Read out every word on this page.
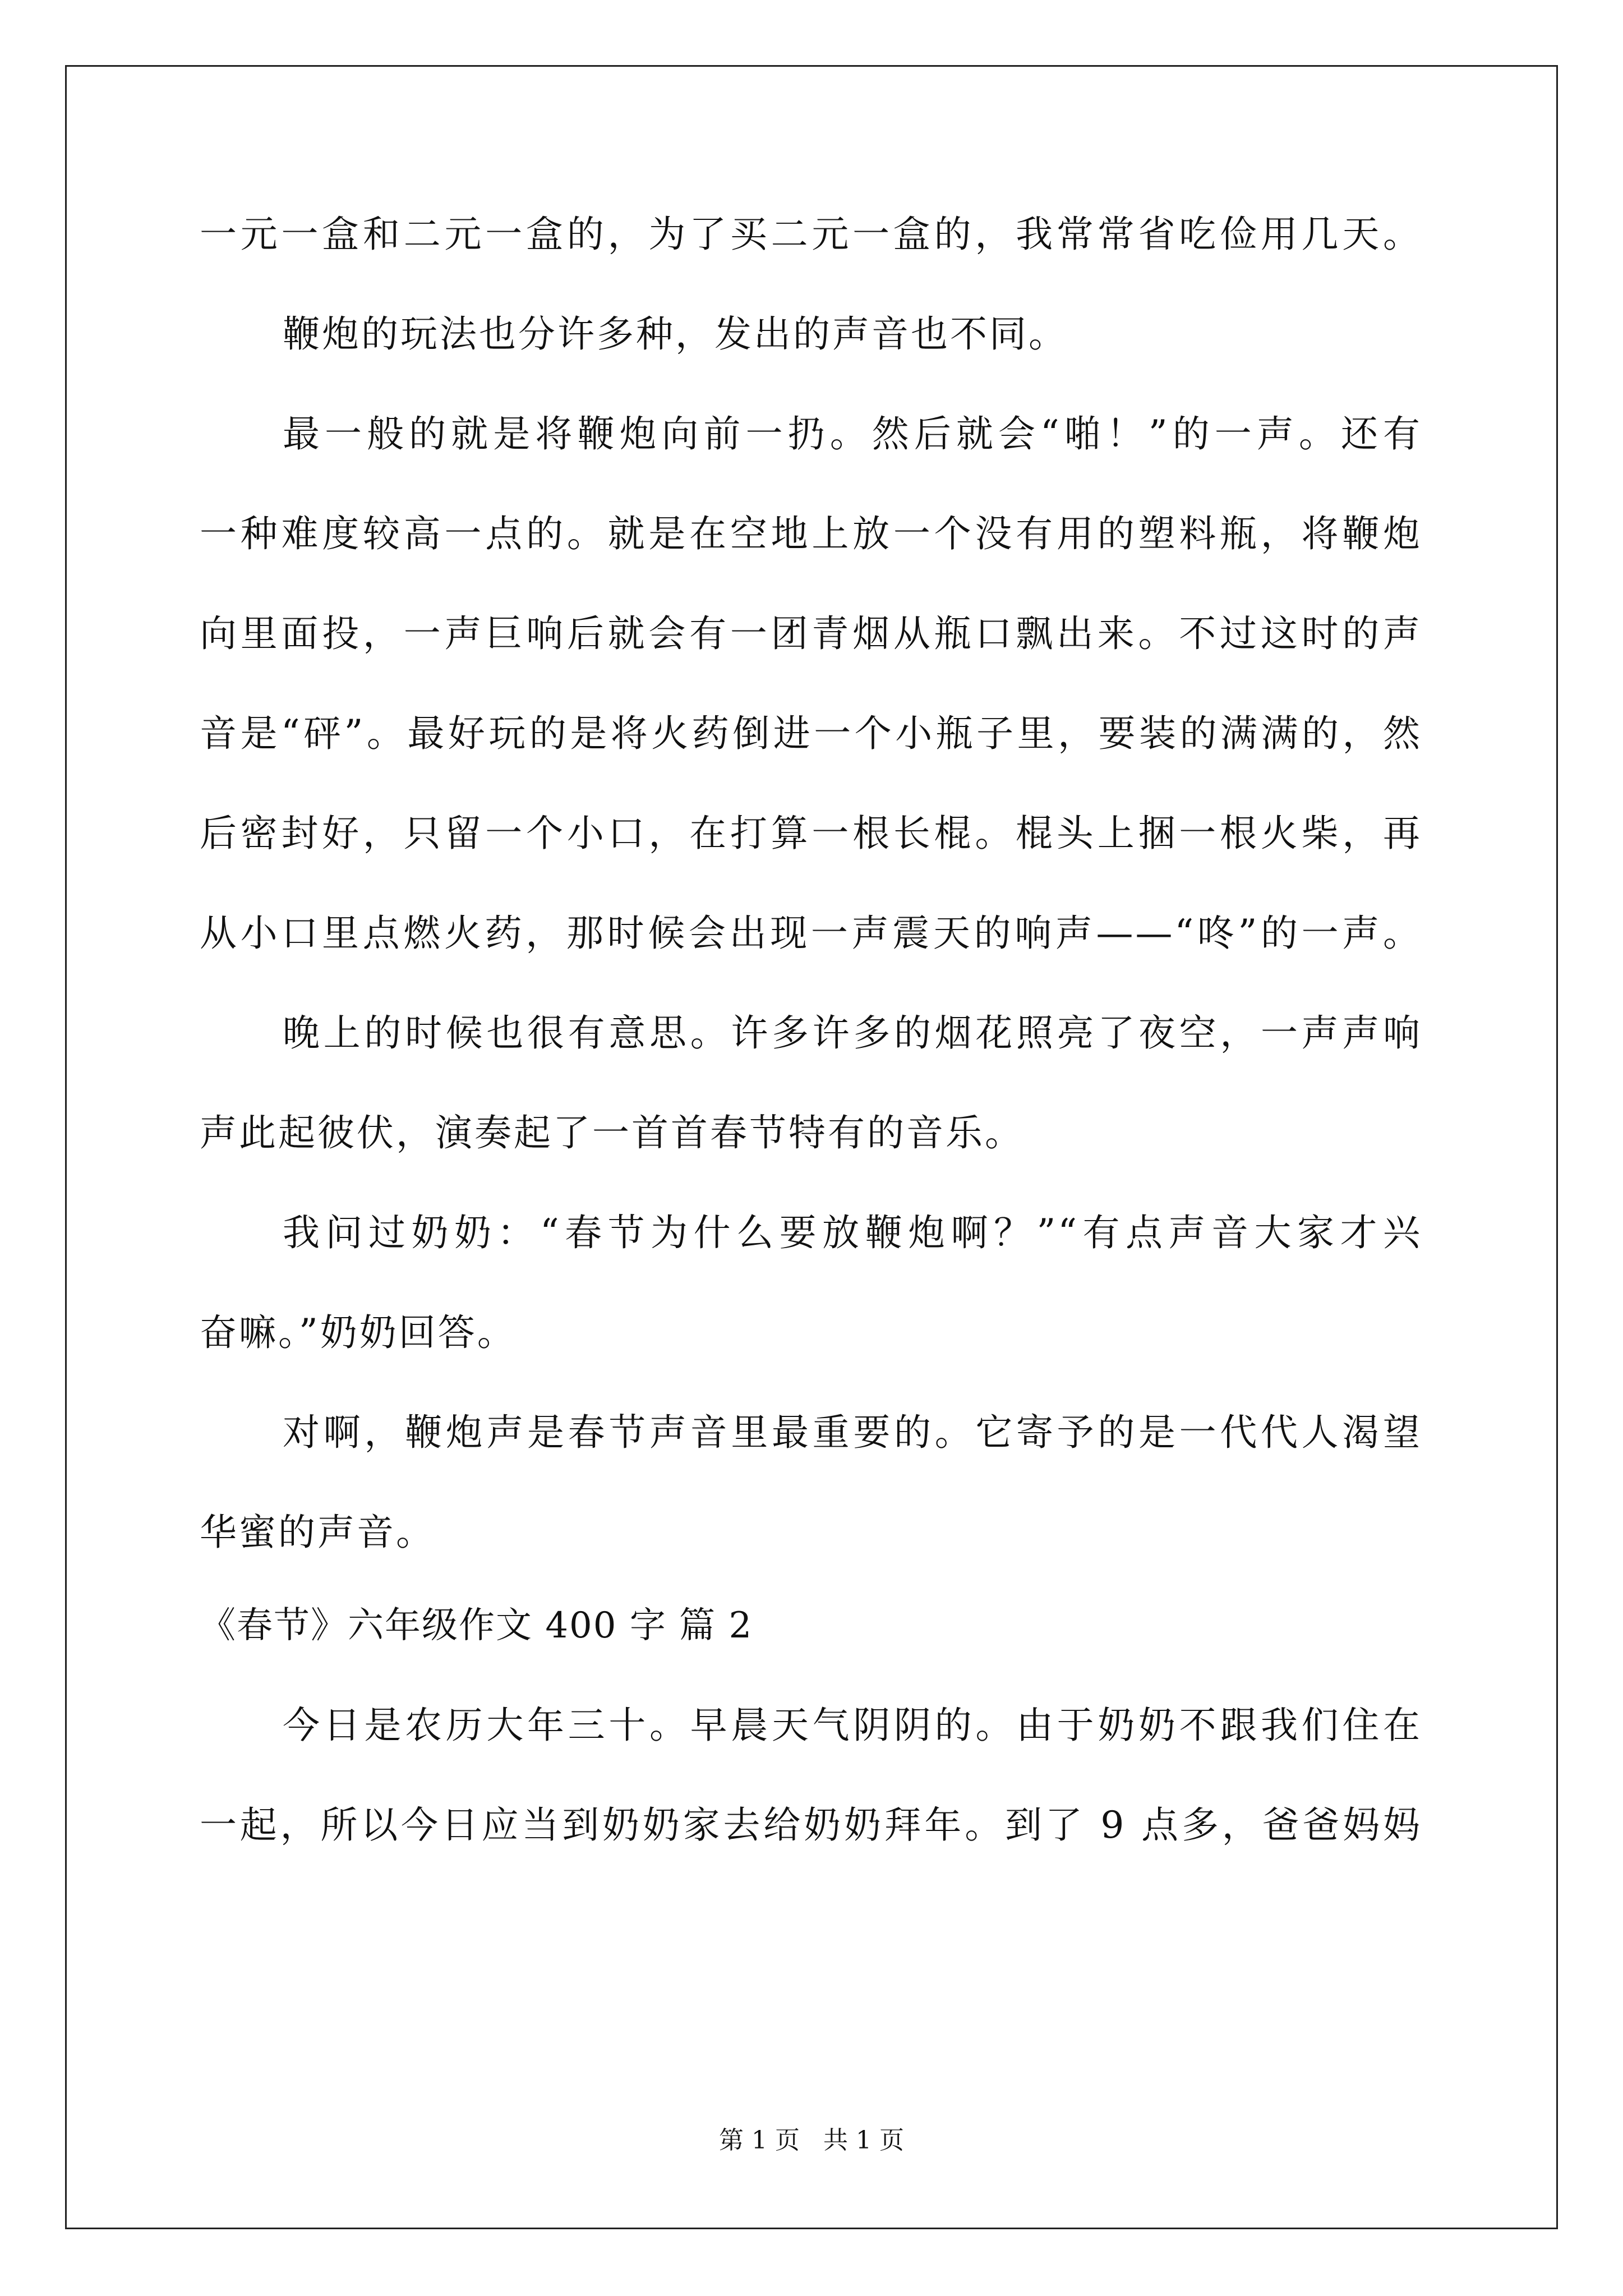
一元一盒和二元一盒的，为了买二元一盒的，我常常省吃俭用几天。
鞭炮的玩法也分许多种，发出的声音也不同。
最一般的就是将鞭炮向前一扔。然后就会“啪！”的一声。还有
一种难度较高一点的。就是在空地上放一个没有用的塑料瓶，将鞭炮
向里面投，一声巨响后就会有一团青烟从瓶口飘出来。不过这时的声
音是“砰”。最好玩的是将火药倒进一个小瓶子里，要装的满满的，然
后密封好，只留一个小口，在打算一根长棍。棍头上捆一根火柴，再
从小口里点燃火药，那时候会出现一声震天的响声——“咚”的一声。
晚上的时候也很有意思。许多许多的烟花照亮了夜空，一声声响
声此起彼伏，演奏起了一首首春节特有的音乐。
我问过奶奶：“春节为什么要放鞭炮啊？”“有点声音大家才兴
奋嘛。”奶奶回答。
对啊，鞭炮声是春节声音里最重要的。它寄予的是一代代人渴望
华蜜的声音。
《春节》六年级作文 400 字 篇 2
今日是农历大年三十。早晨天气阴阴的。由于奶奶不跟我们住在
一起，所以今日应当到奶奶家去给奶奶拜年。到了 9 点多，爸爸妈妈
第 1 页 共 1 页
